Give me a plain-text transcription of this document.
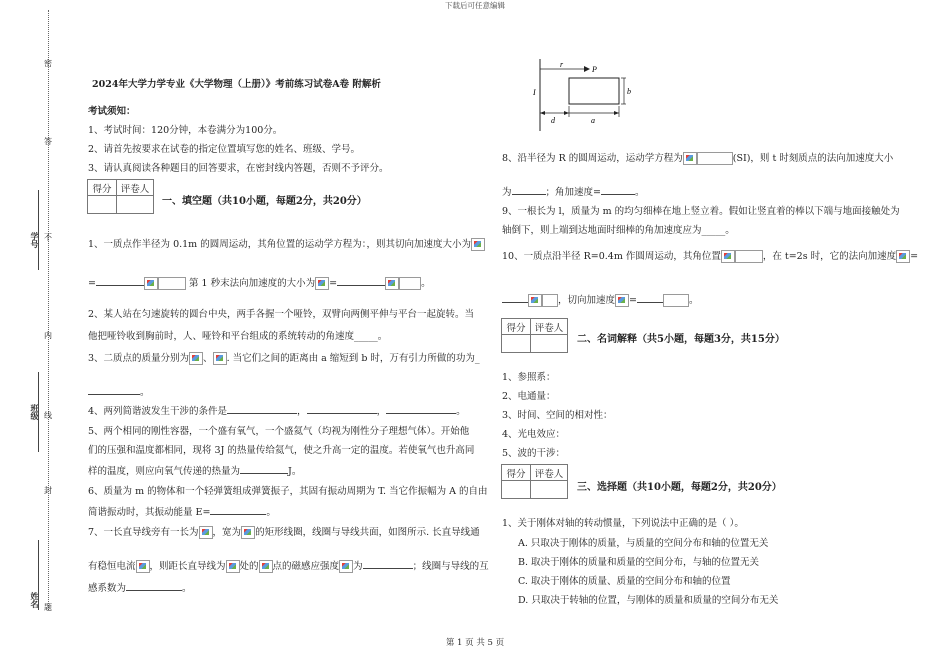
下载后可任意编辑
第 1 页 共 5 页
密
答
不
内
线
封
题
学号
班级
姓名
2024年大学力学专业《大学物理（上册）》考前练习试卷A卷 附解析
考试须知：
1、考试时间：120分钟，本卷满分为100分。
2、请首先按要求在试卷的指定位置填写您的姓名、班级、学号。
3、请认真阅读各种题目的回答要求，在密封线内答题，否则不予评分。
得分	评卷人

一、填空题（共10小题，每题2分，共20分）
1、一质点作半径为 0.1m 的圆周运动，其角位置的运动学方程为：，则其切向加速度大小为
=	第 1 秒末法向加速度的大小为 =	。
2、某人站在匀速旋转的圆台中央，两手各握一个哑铃，双臂向两侧平伸与平台一起旋转。当
他把哑铃收到胸前时，人、哑铃和平台组成的系统转动的角速度_____。
3、二质点的质量分别为 、 . 当它们之间的距离由 a 缩短到 b 时，万有引力所做的功为_
。
4、两列简谐波发生干涉的条件是	，	，	。
5、两个相同的刚性容器，一个盛有氧气，一个盛氦气（均视为刚性分子理想气体）。开始他
们的压强和温度都相同，现将 3J 的热量传给氦气，使之升高一定的温度。若使氧气也升高同
样的温度，则应向氧气传递的热量为	J。
6、质量为 m 的物体和一个轻弹簧组成弹簧振子，其固有振动周期为 T. 当它作振幅为 A 的自由
简谐振动时，其振动能量 E=	。
7、一长直导线旁有一长为 ，宽为 的矩形线圈，线圈与导线共面，如图所示. 长直导线通
有稳恒电流 ，则距长直导线为 处的 点的磁感应强度 为	；线圈与导线的互
感系数为	。
r
P
I	b
d	a
8、沿半径为 R 的圆周运动，运动学方程为	(SI)，则 t 时刻质点的法向加速度大小
为	；角加速度=	。
9、一根长为 l，质量为 m 的均匀细棒在地上竖立着。假如让竖直着的棒以下端与地面接触处为
轴倒下，则上端到达地面时细棒的角加速度应为_____。
10、一质点沿半径 R=0.4m 作圆周运动，其角位置	，在 t=2s 时，它的法向加速度 =
，切向加速度 =	。
得分	评卷人

二、名词解释（共5小题，每题3分，共15分）
1、参照系：
2、电通量：
3、时间、空间的相对性：
4、光电效应：
5、波的干涉：
得分	评卷人

三、选择题（共10小题，每题2分，共20分）
1、关于刚体对轴的转动惯量，下列说法中正确的是（ ）。
A. 只取决于刚体的质量，与质量的空间分布和轴的位置无关
B. 取决于刚体的质量和质量的空间分布，与轴的位置无关
C. 取决于刚体的质量、质量的空间分布和轴的位置
D. 只取决于转轴的位置，与刚体的质量和质量的空间分布无关
